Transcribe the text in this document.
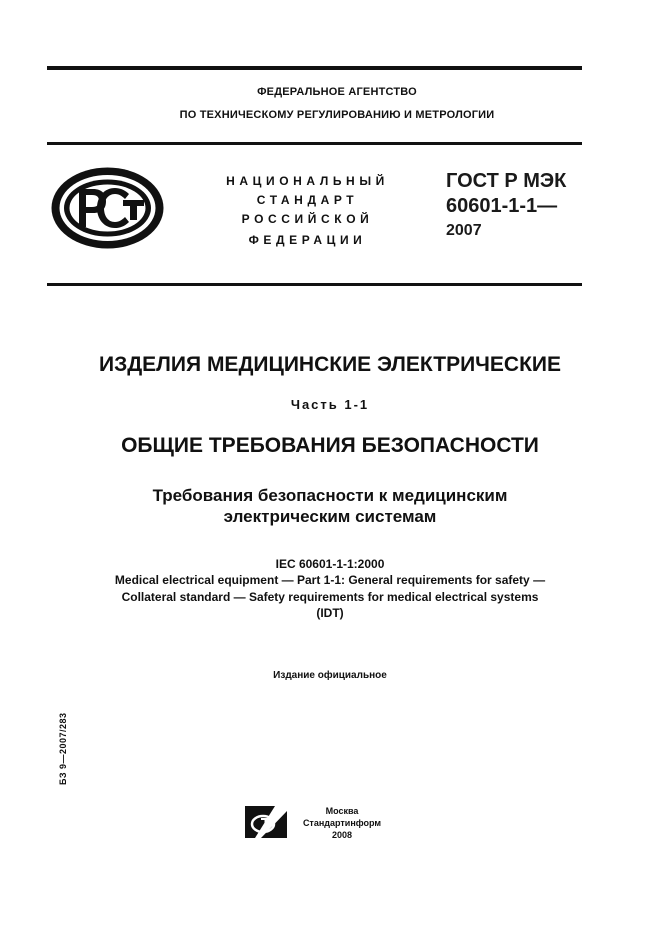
ФЕДЕРАЛЬНОЕ АГЕНТСТВО
ПО ТЕХНИЧЕСКОМУ РЕГУЛИРОВАНИЮ И МЕТРОЛОГИИ
НАЦИОНАЛЬНЫЙ
СТАНДАРТ
РОССИЙСКОЙ
ФЕДЕРАЦИИ
ГОСТ Р МЭК
60601-1-1—
2007
ИЗДЕЛИЯ МЕДИЦИНСКИЕ ЭЛЕКТРИЧЕСКИЕ
Часть 1-1
ОБЩИЕ ТРЕБОВАНИЯ БЕЗОПАСНОСТИ
Требования безопасности к медицинским
электрическим системам
IEC 60601-1-1:2000
Medical electrical equipment — Part 1-1: General requirements for safety —
Collateral standard — Safety requirements for medical electrical systems
(IDT)
Издание официальное
БЗ 9—2007/283
Москва
Стандартинформ
2008
